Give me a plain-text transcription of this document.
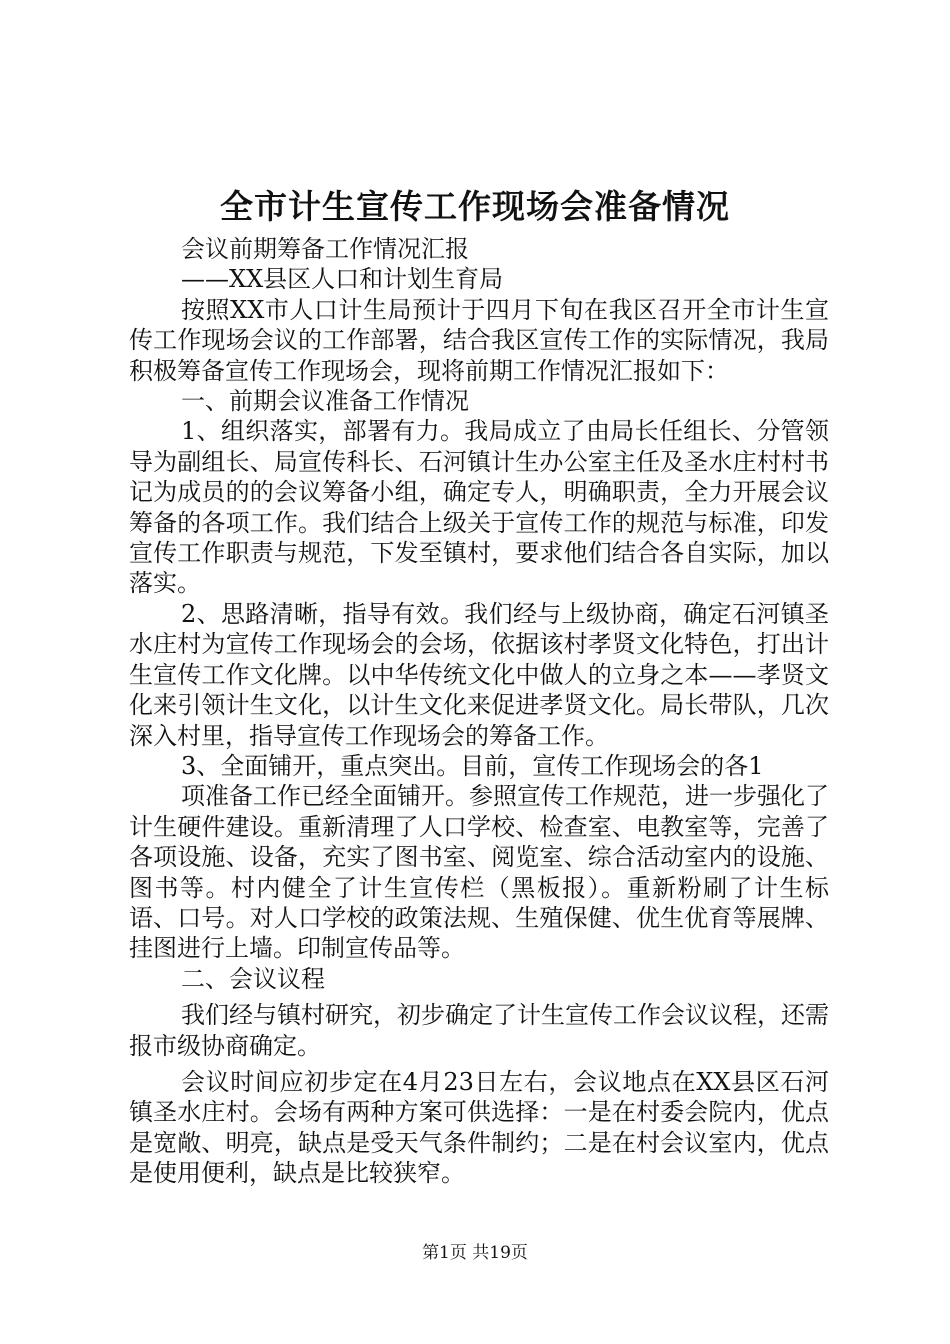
全市计生宣传工作现场会准备情况

会议前期筹备工作情况汇报

——XX县区人口和计划生育局

按照XX市人口计生局预计于四月下旬在我区召开全市计生宣传工作现场会议的工作部署，结合我区宣传工作的实际情况，我局积极筹备宣传工作现场会，现将前期工作情况汇报如下：

一、前期会议准备工作情况

1、组织落实，部署有力。我局成立了由局长任组长、分管领导为副组长、局宣传科长、石河镇计生办公室主任及圣水庄村村书记为成员的的会议筹备小组，确定专人，明确职责，全力开展会议筹备的各项工作。我们结合上级关于宣传工作的规范与标准，印发宣传工作职责与规范，下发至镇村，要求他们结合各自实际，加以落实。

2、思路清晰，指导有效。我们经与上级协商，确定石河镇圣水庄村为宣传工作现场会的会场，依据该村孝贤文化特色，打出计生宣传工作文化牌。以中华传统文化中做人的立身之本——孝贤文化来引领计生文化，以计生文化来促进孝贤文化。局长带队，几次深入村里，指导宣传工作现场会的筹备工作。

3、全面铺开，重点突出。目前，宣传工作现场会的各1

项准备工作已经全面铺开。参照宣传工作规范，进一步强化了计生硬件建设。重新清理了人口学校、检查室、电教室等，完善了各项设施、设备，充实了图书室、阅览室、综合活动室内的设施、图书等。村内健全了计生宣传栏（黑板报）。重新粉刷了计生标语、口号。对人口学校的政策法规、生殖保健、优生优育等展牌、挂图进行上墙。印制宣传品等。

二、会议议程

我们经与镇村研究，初步确定了计生宣传工作会议议程，还需报市级协商确定。

会议时间应初步定在4月23日左右，会议地点在XX县区石河镇圣水庄村。会场有两种方案可供选择：一是在村委会院内，优点是宽敞、明亮，缺点是受天气条件制约；二是在村会议室内，优点是使用便利，缺点是比较狭窄。

第1页 共19页
